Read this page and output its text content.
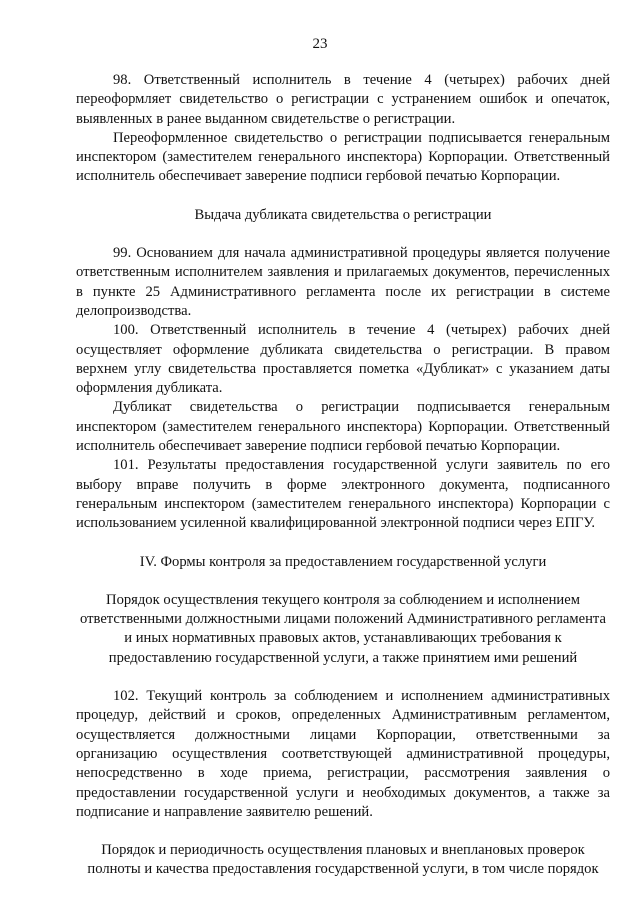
23

98. Ответственный исполнитель в течение 4 (четырех) рабочих дней переоформляет свидетельство о регистрации с устранением ошибок и опечаток, выявленных в ранее выданном свидетельстве о регистрации.

Переоформленное свидетельство о регистрации подписывается генеральным инспектором (заместителем генерального инспектора) Корпорации. Ответственный исполнитель обеспечивает заверение подписи гербовой печатью Корпорации.

Выдача дубликата свидетельства о регистрации

99. Основанием для начала административной процедуры является получение ответственным исполнителем заявления и прилагаемых документов, перечисленных в пункте 25 Административного регламента после их регистрации в системе делопроизводства.

100. Ответственный исполнитель в течение 4 (четырех) рабочих дней осуществляет оформление дубликата свидетельства о регистрации. В правом верхнем углу свидетельства проставляется пометка «Дубликат» с указанием даты оформления дубликата.

Дубликат свидетельства о регистрации подписывается генеральным инспектором (заместителем генерального инспектора) Корпорации. Ответственный исполнитель обеспечивает заверение подписи гербовой печатью Корпорации.

101. Результаты предоставления государственной услуги заявитель по его выбору вправе получить в форме электронного документа, подписанного генеральным инспектором (заместителем генерального инспектора) Корпорации с использованием усиленной квалифицированной электронной подписи через ЕПГУ.

IV. Формы контроля за предоставлением государственной услуги

Порядок осуществления текущего контроля за соблюдением и исполнением ответственными должностными лицами положений Административного регламента и иных нормативных правовых актов, устанавливающих требования к предоставлению государственной услуги, а также принятием ими решений

102. Текущий контроль за соблюдением и исполнением административных процедур, действий и сроков, определенных Административным регламентом, осуществляется должностными лицами Корпорации, ответственными за организацию осуществления соответствующей административной процедуры, непосредственно в ходе приема, регистрации, рассмотрения заявления о предоставлении государственной услуги и необходимых документов, а также за подписание и направление заявителю решений.

Порядок и периодичность осуществления плановых и внеплановых проверок полноты и качества предоставления государственной услуги, в том числе порядок
